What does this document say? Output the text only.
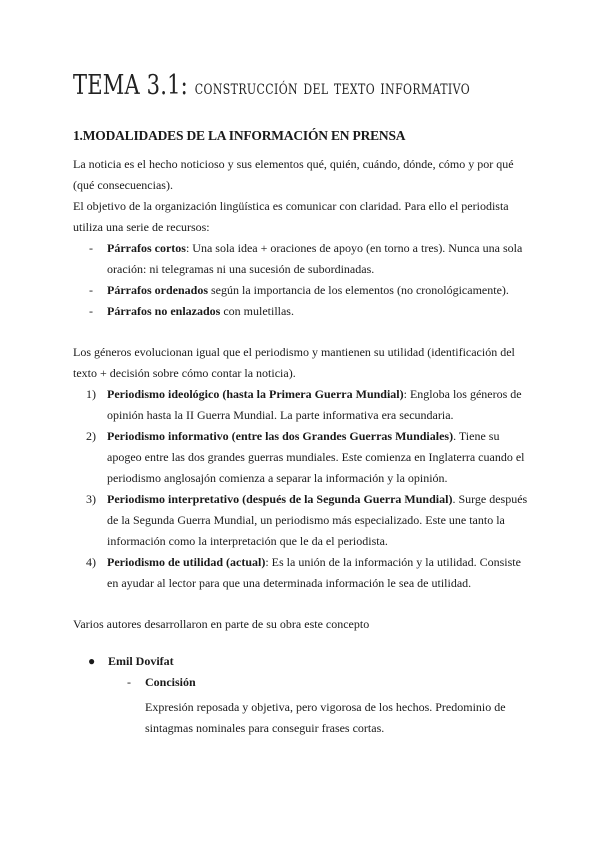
TEMA 3.1: construcción del texto informativo
1.MODALIDADES DE LA INFORMACIÓN EN PRENSA

La noticia es el hecho noticioso y sus elementos qué, quién, cuándo, dónde, cómo y por qué (qué consecuencias).

El objetivo de la organización lingüística es comunicar con claridad. Para ello el periodista utiliza una serie de recursos:

- Párrafos cortos: Una sola idea + oraciones de apoyo (en torno a tres). Nunca una sola oración: ni telegramas ni una sucesión de subordinadas.
- Párrafos ordenados según la importancia de los elementos (no cronológicamente).
- Párrafos no enlazados con muletillas.

Los géneros evolucionan igual que el periodismo y mantienen su utilidad (identificación del texto + decisión sobre cómo contar la noticia).

1) Periodismo ideológico (hasta la Primera Guerra Mundial): Engloba los géneros de opinión hasta la II Guerra Mundial. La parte informativa era secundaria.
2) Periodismo informativo (entre las dos Grandes Guerras Mundiales). Tiene su apogeo entre las dos grandes guerras mundiales. Este comienza en Inglaterra cuando el periodismo anglosajón comienza a separar la información y la opinión.
3) Periodismo interpretativo (después de la Segunda Guerra Mundial). Surge después de la Segunda Guerra Mundial, un periodismo más especializado. Este une tanto la información como la interpretación que le da el periodista.
4) Periodismo de utilidad (actual): Es la unión de la información y la utilidad. Consiste en ayudar al lector para que una determinada información le sea de utilidad.

Varios autores desarrollaron en parte de su obra este concepto

● Emil Dovifat
- Concisión

Expresión reposada y objetiva, pero vigorosa de los hechos. Predominio de sintagmas nominales para conseguir frases cortas.
